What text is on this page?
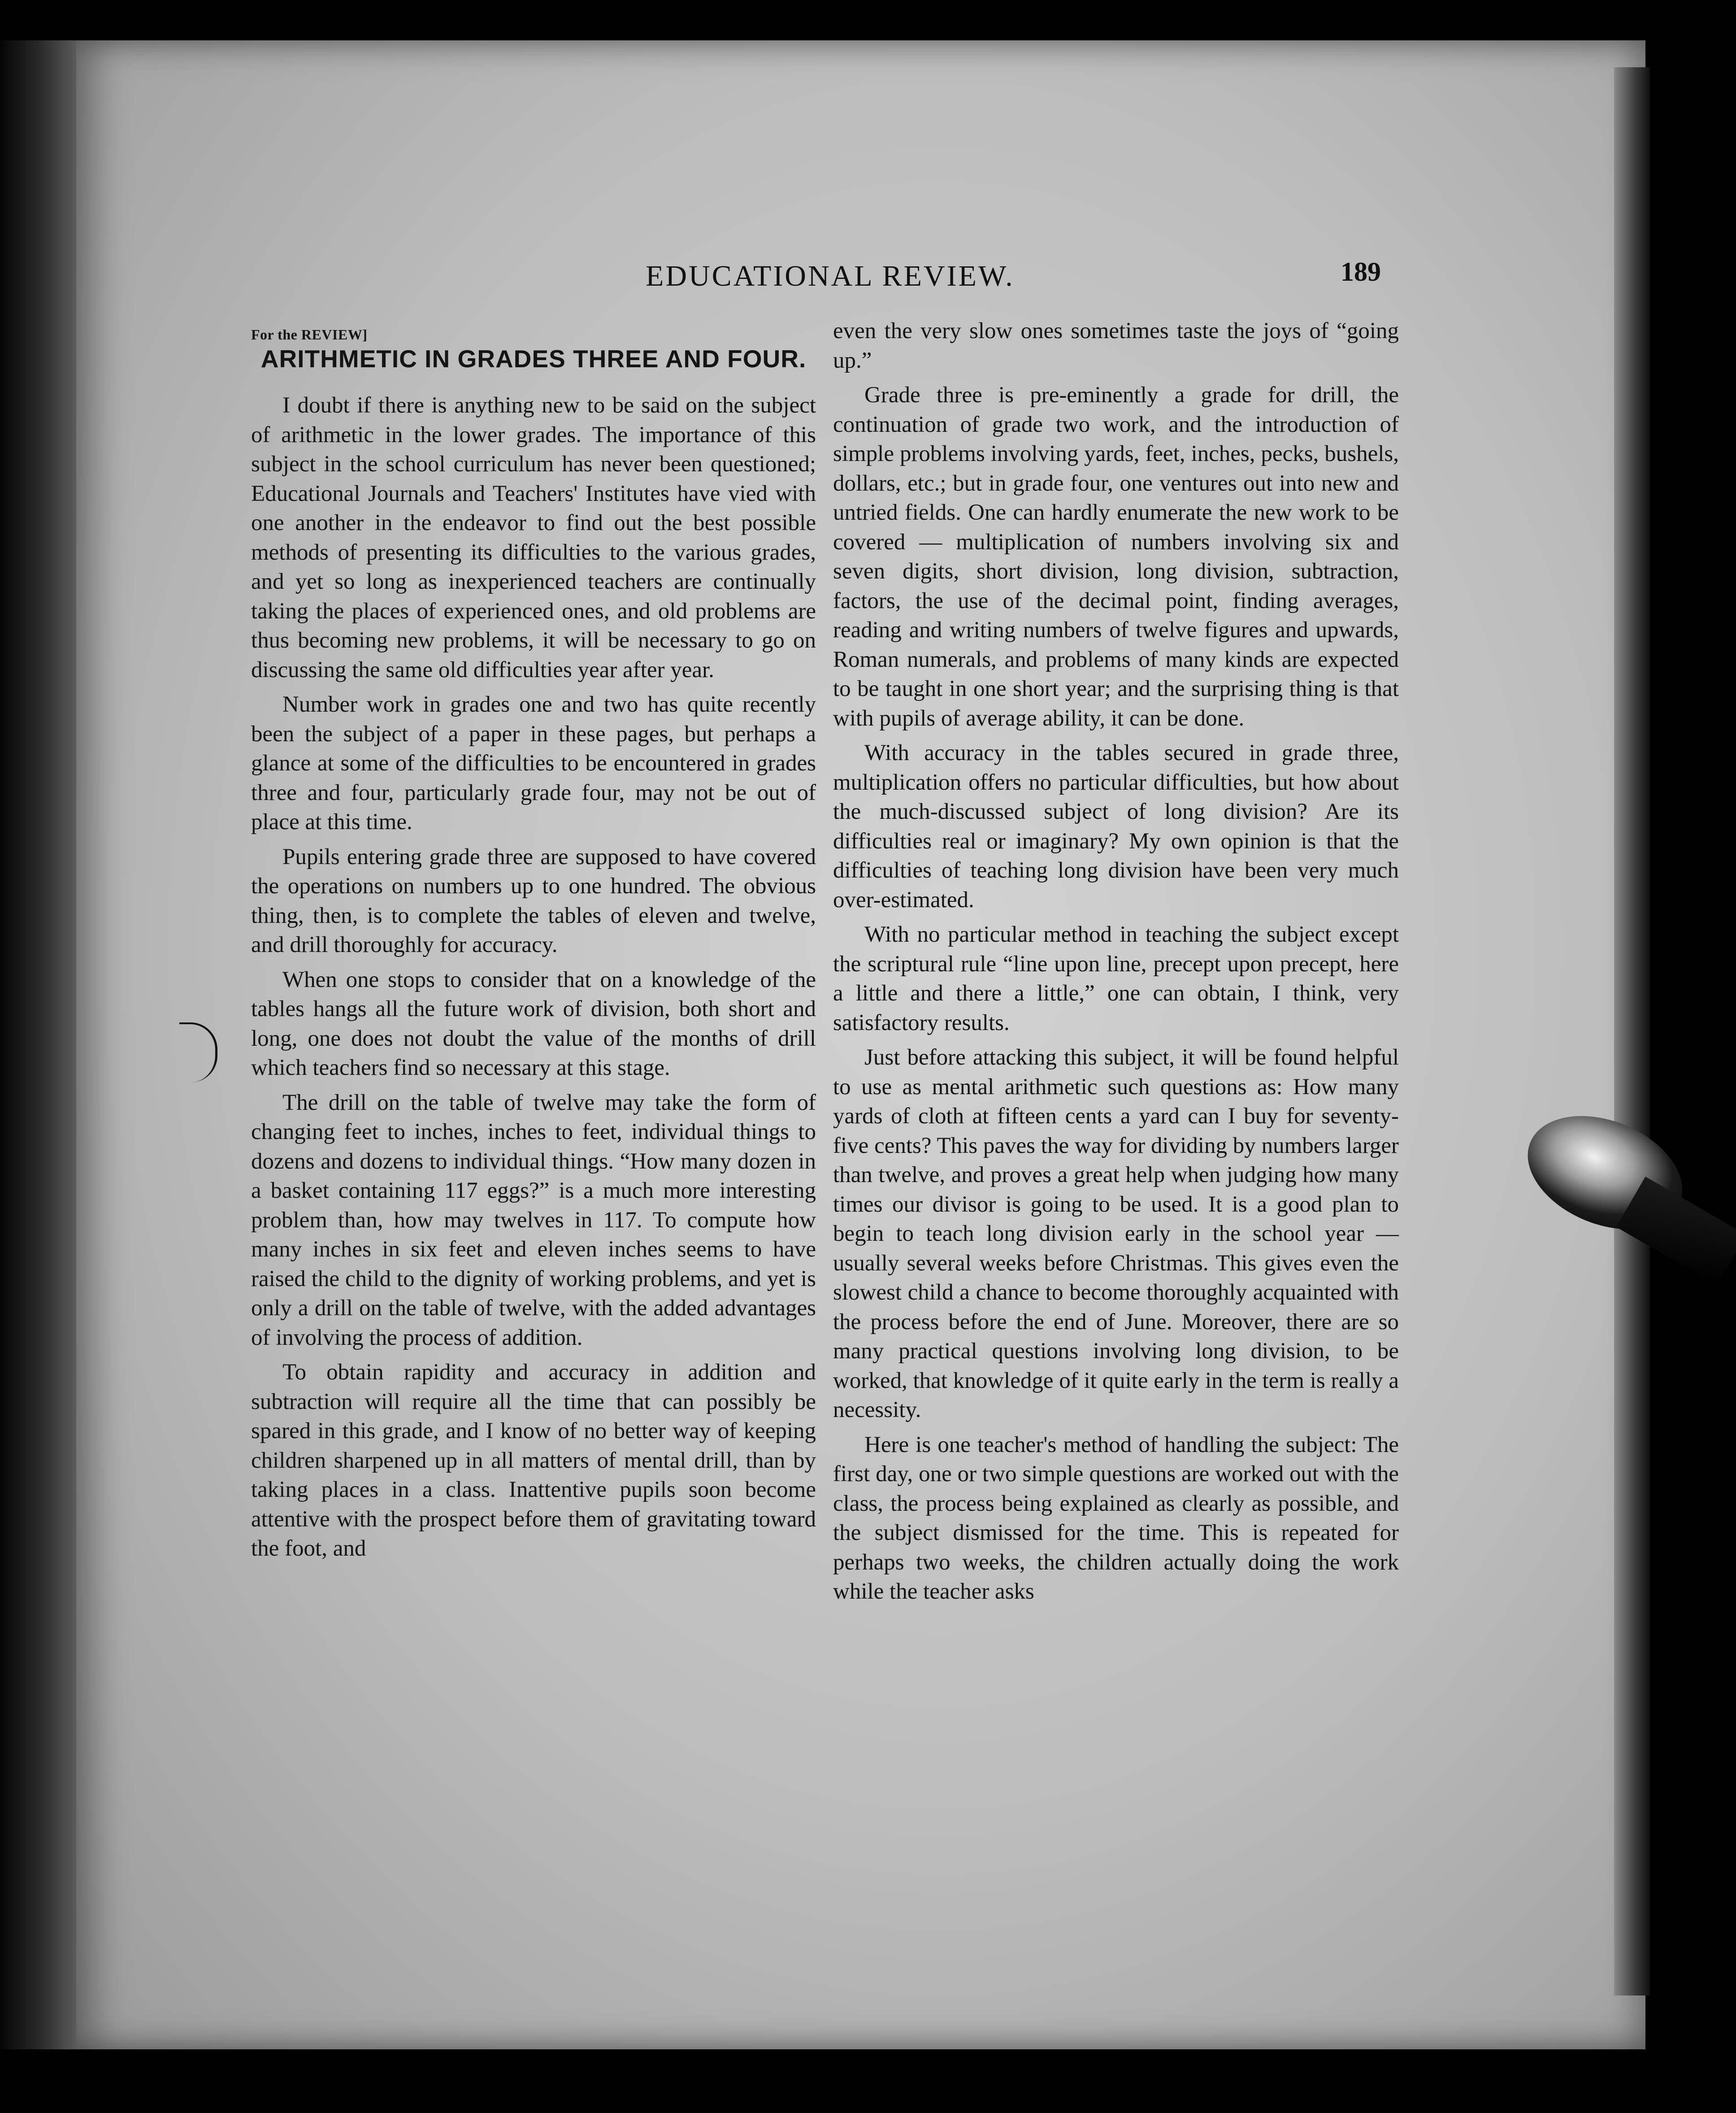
EDUCATIONAL REVIEW.	189
For the REVIEW]
ARITHMETIC IN GRADES THREE AND FOUR.

I doubt if there is anything new to be said on the subject of arithmetic in the lower grades. The importance of this subject in the school curriculum has never been questioned; Educational Journals and Teachers' Institutes have vied with one another in the endeavor to find out the best possible methods of presenting its difficulties to the various grades, and yet so long as inexperienced teachers are continually taking the places of experienced ones, and old problems are thus becoming new problems, it will be necessary to go on discussing the same old difficulties year after year.

Number work in grades one and two has quite recently been the subject of a paper in these pages, but perhaps a glance at some of the difficulties to be encountered in grades three and four, particularly grade four, may not be out of place at this time.

Pupils entering grade three are supposed to have covered the operations on numbers up to one hundred. The obvious thing, then, is to complete the tables of eleven and twelve, and drill thoroughly for accuracy.

When one stops to consider that on a knowledge of the tables hangs all the future work of division, both short and long, one does not doubt the value of the months of drill which teachers find so necessary at this stage.

The drill on the table of twelve may take the form of changing feet to inches, inches to feet, individual things to dozens and dozens to individual things. “How many dozen in a basket containing 117 eggs?” is a much more interesting problem than, how may twelves in 117. To compute how many inches in six feet and eleven inches seems to have raised the child to the dignity of working problems, and yet is only a drill on the table of twelve, with the added advantages of involving the process of addition.

To obtain rapidity and accuracy in addition and subtraction will require all the time that can possibly be spared in this grade, and I know of no better way of keeping children sharpened up in all matters of mental drill, than by taking places in a class. Inattentive pupils soon become attentive with the prospect before them of gravitating toward the foot, and

even the very slow ones sometimes taste the joys of “going up.”

Grade three is pre-eminently a grade for drill, the continuation of grade two work, and the introduction of simple problems involving yards, feet, inches, pecks, bushels, dollars, etc.; but in grade four, one ventures out into new and untried fields. One can hardly enumerate the new work to be covered — multiplication of numbers involving six and seven digits, short division, long division, subtraction, factors, the use of the decimal point, finding averages, reading and writing numbers of twelve figures and upwards, Roman numerals, and problems of many kinds are expected to be taught in one short year; and the surprising thing is that with pupils of average ability, it can be done.

With accuracy in the tables secured in grade three, multiplication offers no particular difficulties, but how about the much-discussed subject of long division? Are its difficulties real or imaginary? My own opinion is that the difficulties of teaching long division have been very much over-estimated.

With no particular method in teaching the subject except the scriptural rule “line upon line, precept upon precept, here a little and there a little,” one can obtain, I think, very satisfactory results.

Just before attacking this subject, it will be found helpful to use as mental arithmetic such questions as: How many yards of cloth at fifteen cents a yard can I buy for seventy-five cents? This paves the way for dividing by numbers larger than twelve, and proves a great help when judging how many times our divisor is going to be used. It is a good plan to begin to teach long division early in the school year — usually several weeks before Christmas. This gives even the slowest child a chance to become thoroughly acquainted with the process before the end of June. Moreover, there are so many practical questions involving long division, to be worked, that knowledge of it quite early in the term is really a necessity.

Here is one teacher's method of handling the subject: The first day, one or two simple questions are worked out with the class, the process being explained as clearly as possible, and the subject dismissed for the time. This is repeated for perhaps two weeks, the children actually doing the work while the teacher asks
